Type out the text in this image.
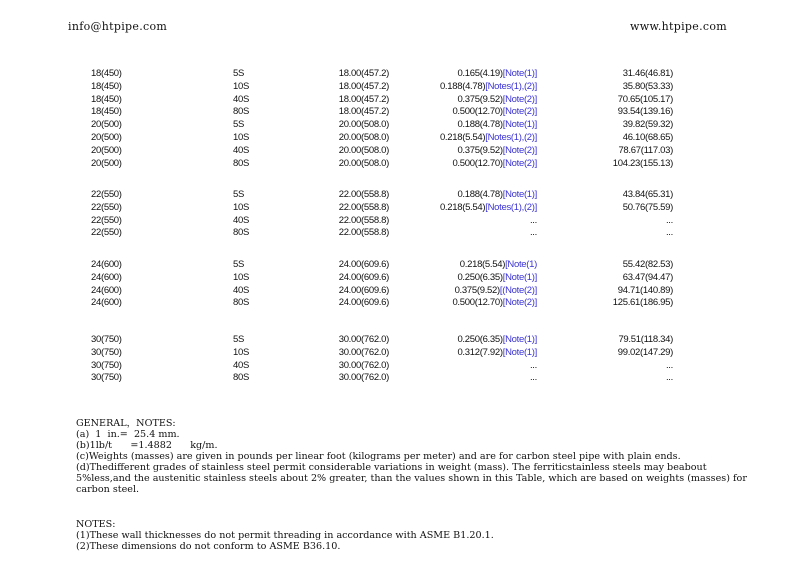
info@htpipe.com	www.htpipe.com
18(450)	5S	18.00(457.2)	0.165(4.19)[Note(1)]	31.46(46.81)
18(450)	10S	18.00(457.2)	0.188(4.78)[Notes(1),(2)]	35.80(53.33)
18(450)	40S	18.00(457.2)	0.375(9.52)[Note(2)]	70.65(105.17)
18(450)	80S	18.00(457.2)	0.500(12.70)[Note(2)]	93.54(139.16)
20(500)	5S	20.00(508.0)	0.188(4.78)[Note(1)]	39.82(59.32)
20(500)	10S	20.00(508.0)	0.218(5.54)[Notes(1),(2)]	46.10(68.65)
20(500)	40S	20.00(508.0)	0.375(9.52)[Note(2)]	78.67(117.03)
20(500)	80S	20.00(508.0)	0.500(12.70)[Note(2)]	104.23(155.13)
22(550)	5S	22.00(558.8)	0.188(4.78)[Note(1)]	43.84(65.31)
22(550)	10S	22.00(558.8)	0.218(5.54)[Notes(1),(2)]	50.76(75.59)
22(550)	40S	22.00(558.8)	...	...
22(550)	80S	22.00(558.8)	...	...
24(600)	5S	24.00(609.6)	0.218(5.54)[Note(1)	55.42(82.53)
24(600)	10S	24.00(609.6)	0.250(6.35)[Note(1)]	63.47(94.47)
24(600)	40S	24.00(609.6)	0.375(9.52)[(Note(2)]	94.71(140.89)
24(600)	80S	24.00(609.6)	0.500(12.70)[Note(2)]	125.61(186.95)
30(750)	5S	30.00(762.0)	0.250(6.35)[Note(1)]	79.51(118.34)
30(750)	10S	30.00(762.0)	0.312(7.92)[Note(1)]	99.02(147.29)
30(750)	40S	30.00(762.0)	...	...
30(750)	80S	30.00(762.0)	...	...
GENERAL，NOTES:
(a)  1  in.=  25.4 mm.
(b)1lb/t      =1.4882      kg/m.
(c)Weights (masses) are given in pounds per linear foot (kilograms per meter) and are for carbon steel pipe with plain ends.
(d)Thedifferent grades of stainless steel permit considerable variations in weight (mass). The ferriticstainless steels may beabout 5%less,and the austenitic stainless steels about 2% greater, than the values shown in this Table, which are based on weights (masses) for carbon steel.
NOTES:
(1)These wall thicknesses do not permit threading in accordance with ASME B1.20.1.
(2)These dimensions do not conform to ASME B36.10.
